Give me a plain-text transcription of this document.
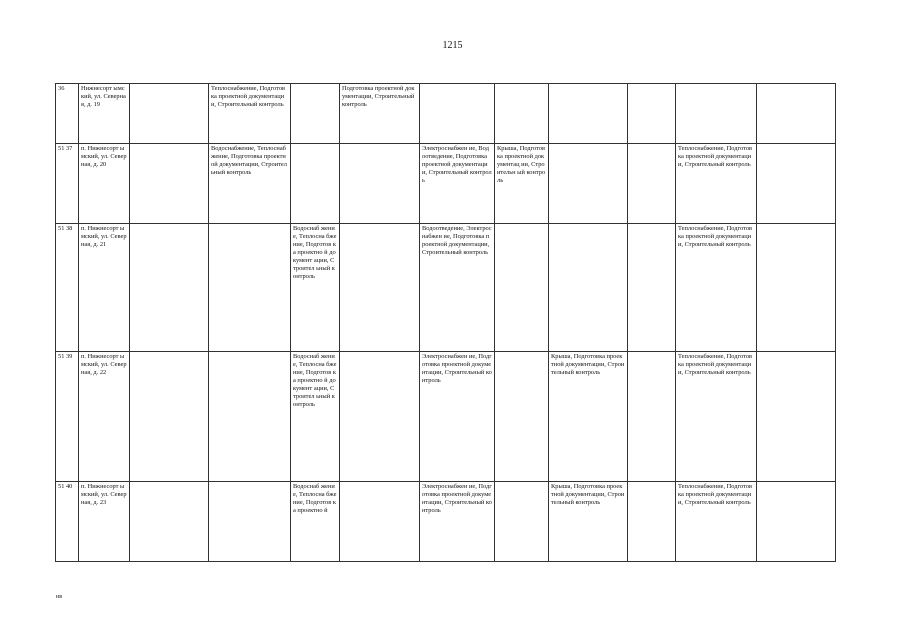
1215
36	Нижнесорт ымский, ул. Северная, д. 19		Теплоснабжение, Подготовка проектной документации, Строительный контроль		Подготовка проектной документации, Строительный контроль						
51 37	п. Нижнесорт ымский, ул. Северная, д. 20		Водоснабжение, Теплоснабжение, Подготовка проектной документации, Строительный контроль			Электроснабжен ие, Водоотведение, Подготовка проектной документации, Строительный контроль	Крыша, Подготовка проектной документац ии, Строительн ый контроль			Теплоснабжение, Подготовка проектной документации, Строительный контроль	
51 38	п. Нижнесорт ымский, ул. Северная, д. 21			Водоснаб жение, Теплосна бжение, Подготов ка проектно й документ ации, Строител ьный контроль		Водоотведение, Электроснабжен ие, Подготовка проектной документации, Строительный контроль				Теплоснабжение, Подготовка проектной документации, Строительный контроль	
51 39	п. Нижнесорт ымский, ул. Северная, д. 22			Водоснаб жение, Теплосна бжение, Подготов ка проектно й документ ации, Строител ьный контроль		Электроснабжен ие, Подготовка проектной документации, Строительный контроль		Крыша, Подготовка проектной документации, Строительный контроль		Теплоснабжение, Подготовка проектной документации, Строительный контроль	
51 40	п. Нижнесорт ымский, ул. Северная, д. 23			Водоснаб жение, Теплосна бжение, Подготов ка проектно й		Электроснабжен ие, Подготовка проектной документации, Строительный контроль		Крыша, Подготовка проектной документации, Строительный контроль		Теплоснабжение, Подготовка проектной документации, Строительный контроль	
нв
